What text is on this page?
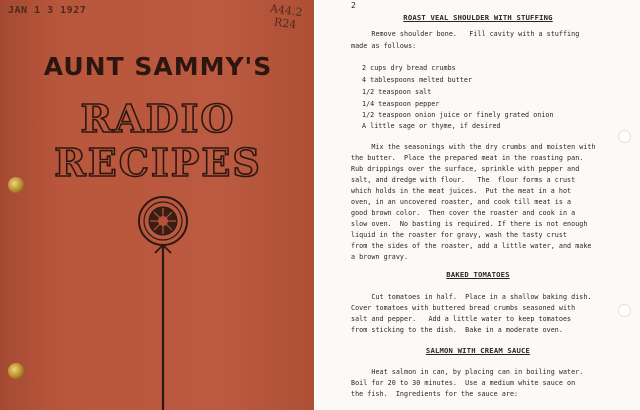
JAN 1 3 1927	A44.2
R24
AUNT SAMMY'S
RADIO
RECIPES
2
ROAST VEAL SHOULDER WITH STUFFING
Remove shoulder bone.   Fill cavity with a stuffing
made as follows:
2 cups dry bread crumbs
4 tablespoons melted butter
1/2 teaspoon salt
1/4 teaspoon pepper
1/2 teaspoon onion juice or finely grated onion
A little sage or thyme, if desired
Mix the seasonings with the dry crumbs and moisten with
the butter.  Place the prepared meat in the roasting pan.
Rub drippings over the surface, sprinkle with pepper and
salt, and dredge with flour.   The  flour forms a crust
which holds in the meat juices.  Put the meat in a hot
oven, in an uncovered roaster, and cook till meat is a
good brown color.  Then cover the roaster and cook in a
slow oven.  No basting is required. If there is not enough
liquid in the roaster for gravy, wash the tasty crust
from the sides of the roaster, add a little water, and make
a brown gravy.
BAKED TOMATOES
Cut tomatoes in half.  Place in a shallow baking dish.
Cover tomatoes with buttered bread crumbs seasoned with
salt and pepper.   Add a little water to keep tomatoes
from sticking to the dish.  Bake in a moderate oven.
SALMON WITH CREAM SAUCE
Heat salmon in can, by placing can in boiling water.
Boil for 20 to 30 minutes.  Use a medium white sauce on
the fish.  Ingredients for the sauce are:
